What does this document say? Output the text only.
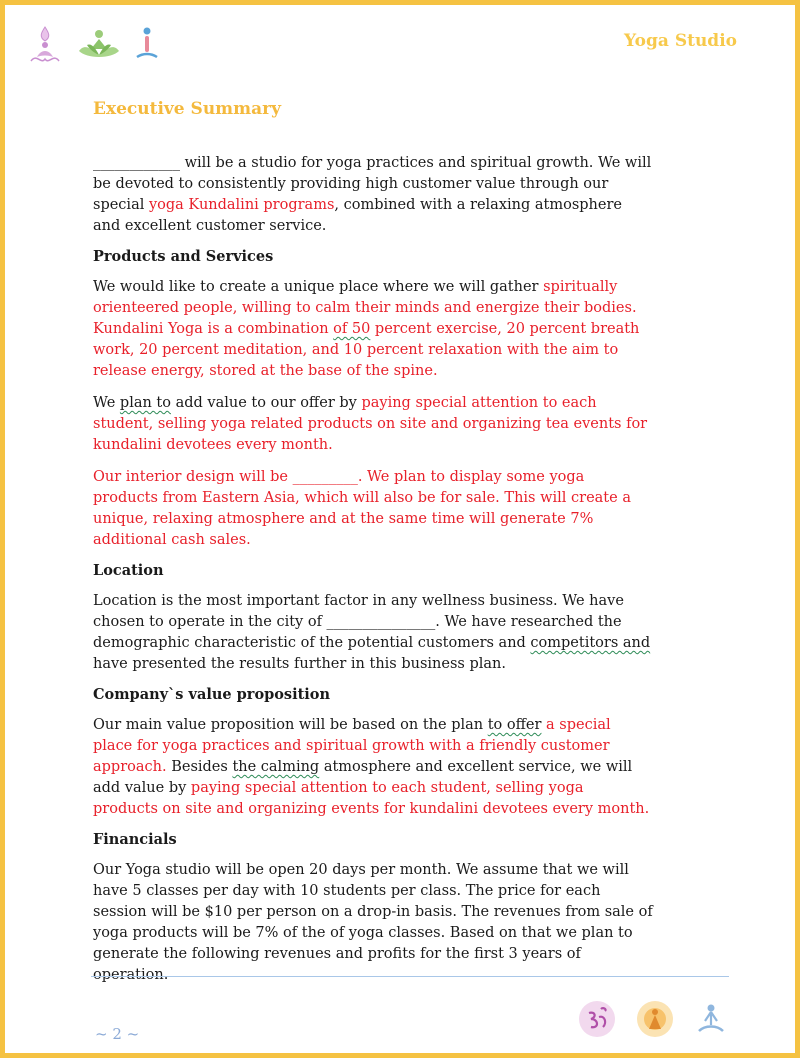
Yoga Studio
Executive Summary

____________ will be a studio for yoga practices and spiritual growth. We will be devoted to consistently providing high customer value through our special yoga Kundalini programs, combined with a relaxing atmosphere and excellent customer service.

Products and Services

We would like to create a unique place where we will gather spiritually orienteered people, willing to calm their minds and energize their bodies. Kundalini Yoga is a combination of 50 percent exercise, 20 percent breath work, 20 percent meditation, and 10 percent relaxation with the aim to release energy, stored at the base of the spine.

We plan to add value to our offer by paying special attention to each student, selling yoga related products on site and organizing tea events for kundalini devotees every month.

Our interior design will be _________. We plan to display some yoga products from Eastern Asia, which will also be for sale. This will create a unique, relaxing atmosphere and at the same time will generate 7% additional cash sales.

Location

Location is the most important factor in any wellness business. We have chosen to operate in the city of _______________. We have researched the demographic characteristic of the potential customers and competitors and have presented the results further in this business plan.

Company`s value proposition

Our main value proposition will be based on the plan to offer a special place for yoga practices and spiritual growth with a friendly customer approach. Besides the calming atmosphere and excellent service, we will add value by paying special attention to each student, selling yoga products on site and organizing events for kundalini devotees every month.

Financials

Our Yoga studio will be open 20 days per month. We assume that we will have 5 classes per day with 10 students per class. The price for each session will be $10 per person on a drop-in basis. The revenues from sale of yoga products will be 7% of the of yoga classes. Based on that we plan to generate the following revenues and profits for the first 3 years of operation.

~ 2 ~
